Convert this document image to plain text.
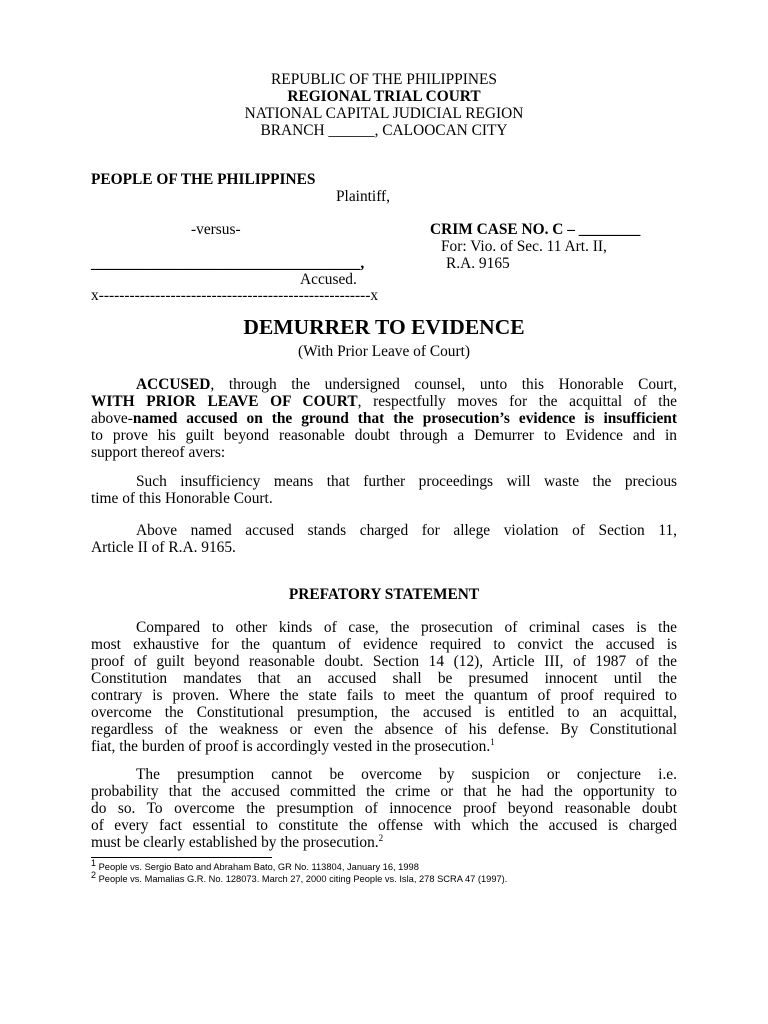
REPUBLIC OF THE PHILIPPINES
REGIONAL TRIAL COURT
NATIONAL CAPITAL JUDICIAL REGION
BRANCH ______, CALOOCAN CITY
PEOPLE OF THE PHILIPPINES
Plaintiff,
-versus-	CRIM CASE NO. C – ________
For: Vio. of Sec. 11 Art. II,
___________________________________,	R.A. 9165
Accused.
x-----------------------------------------------------x
DEMURRER TO EVIDENCE
(With Prior Leave of Court)
ACCUSED, through the undersigned counsel, unto this Honorable Court,
WITH PRIOR LEAVE OF COURT, respectfully moves for the acquittal of the
above-named accused on the ground that the prosecution’s evidence is insufficient
to prove his guilt beyond reasonable doubt through a Demurrer to Evidence and in
support thereof avers:
Such insufficiency means that further proceedings will waste the precious
time of this Honorable Court.
Above named accused stands charged for allege violation of Section 11,
Article II of R.A. 9165.
PREFATORY STATEMENT
Compared to other kinds of case, the prosecution of criminal cases is the
most exhaustive for the quantum of evidence required to convict the accused is
proof of guilt beyond reasonable doubt. Section 14 (12), Article III, of 1987 of the
Constitution mandates that an accused shall be presumed innocent until the
contrary is proven. Where the state fails to meet the quantum of proof required to
overcome the Constitutional presumption, the accused is entitled to an acquittal,
regardless of the weakness or even the absence of his defense. By Constitutional
fiat, the burden of proof is accordingly vested in the prosecution.$^1$
The presumption cannot be overcome by suspicion or conjecture i.e.
probability that the accused committed the crime or that he had the opportunity to
do so. To overcome the presumption of innocence proof beyond reasonable doubt
of every fact essential to constitute the offense with which the accused is charged
must be clearly established by the prosecution.$^2$
$^1$ People vs. Sergio Bato and Abraham Bato, GR No. 113804, January 16, 1998
$^2$ People vs. Mamalias G.R. No. 128073. March 27, 2000 citing People vs. Isla, 278 SCRA 47 (1997).
